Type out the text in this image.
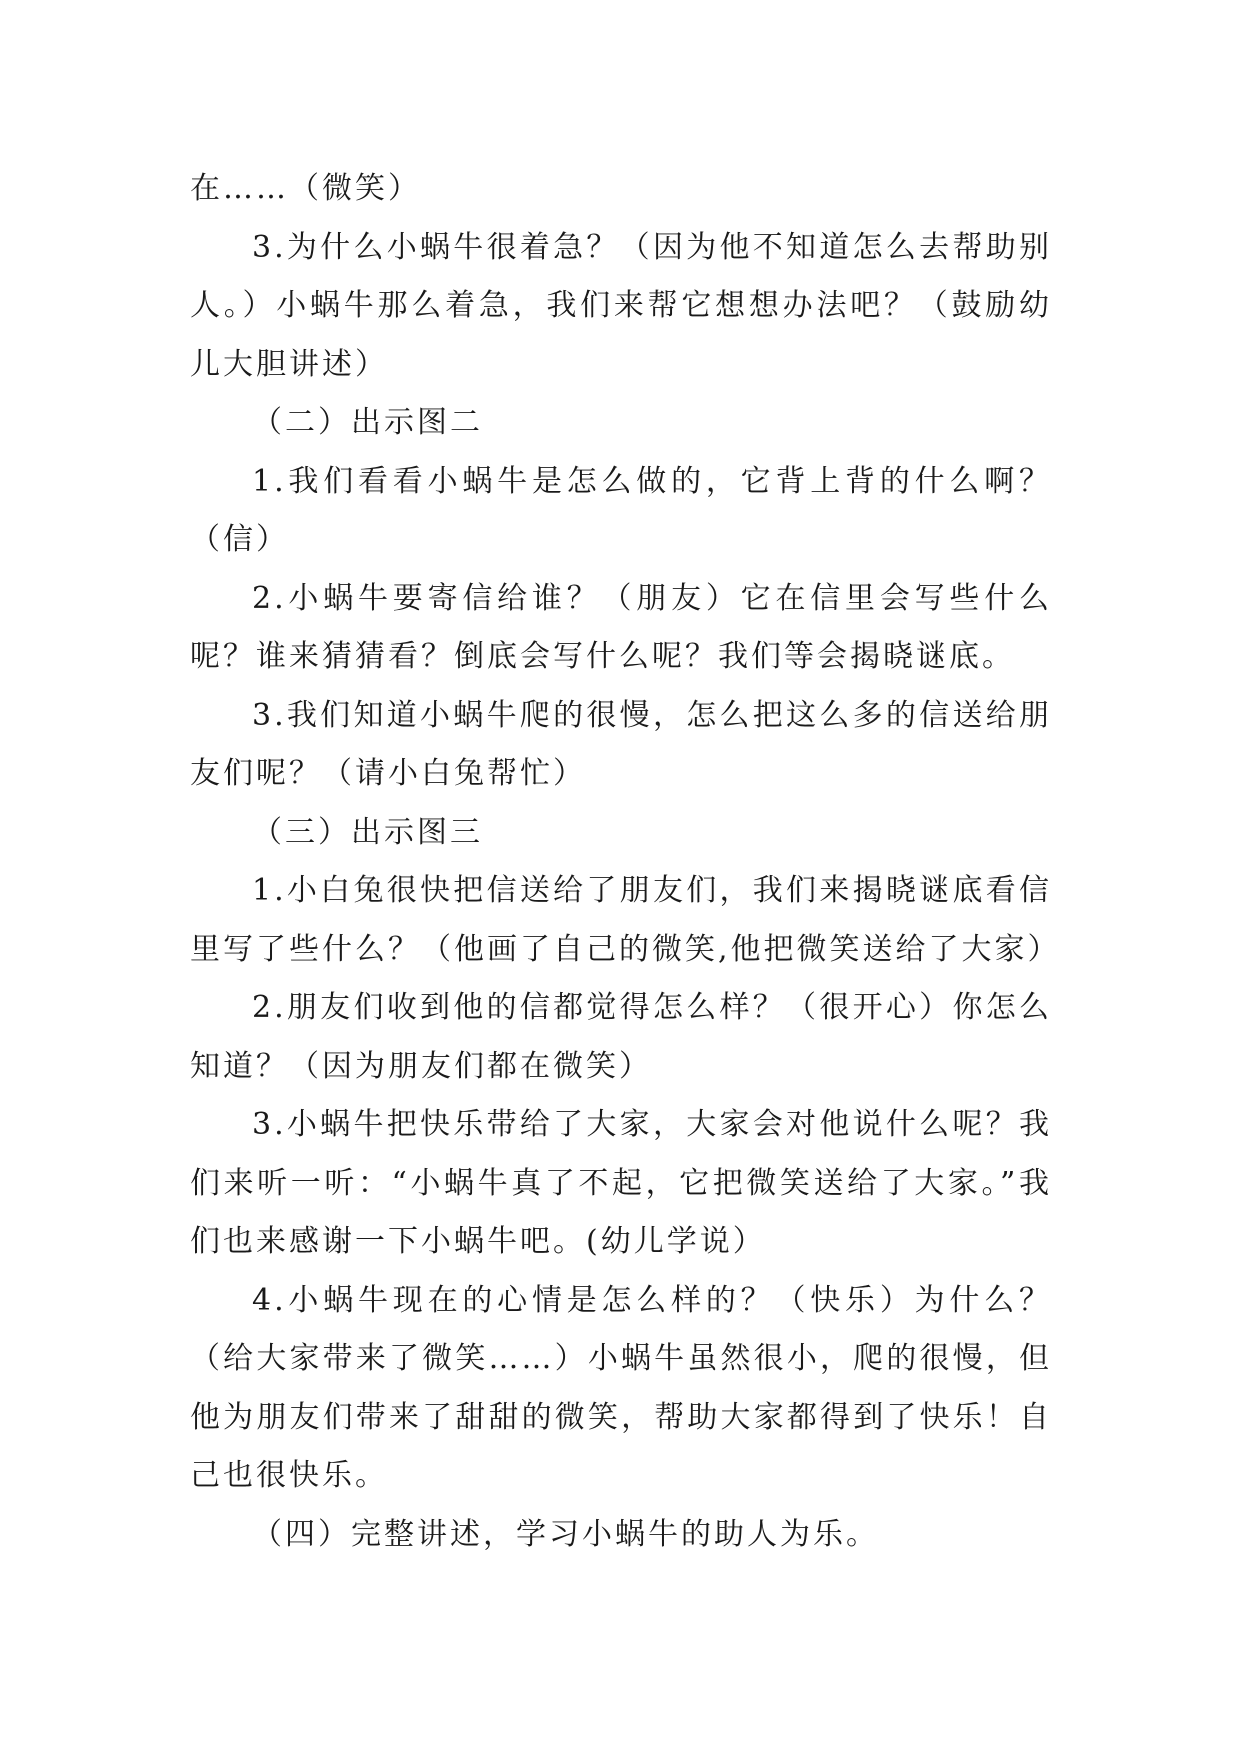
在……（微笑）

3.为什么小蜗牛很着急？（因为他不知道怎么去帮助别人。）小蜗牛那么着急，我们来帮它想想办法吧？（鼓励幼儿大胆讲述）

（二）出示图二

1.我们看看小蜗牛是怎么做的，它背上背的什么啊？（信）

2.小蜗牛要寄信给谁？（朋友）它在信里会写些什么呢？谁来猜猜看？倒底会写什么呢？我们等会揭晓谜底。

3.我们知道小蜗牛爬的很慢，怎么把这么多的信送给朋友们呢？（请小白兔帮忙）

（三）出示图三

1.小白兔很快把信送给了朋友们，我们来揭晓谜底看信里写了些什么？（他画了自己的微笑,他把微笑送给了大家）

2.朋友们收到他的信都觉得怎么样？（很开心）你怎么知道？（因为朋友们都在微笑）

3.小蜗牛把快乐带给了大家，大家会对他说什么呢？我们来听一听：“小蜗牛真了不起，它把微笑送给了大家。”我们也来感谢一下小蜗牛吧。(幼儿学说）

4.小蜗牛现在的心情是怎么样的？（快乐）为什么？（给大家带来了微笑……）小蜗牛虽然很小，爬的很慢，但他为朋友们带来了甜甜的微笑，帮助大家都得到了快乐！自己也很快乐。

（四）完整讲述，学习小蜗牛的助人为乐。
